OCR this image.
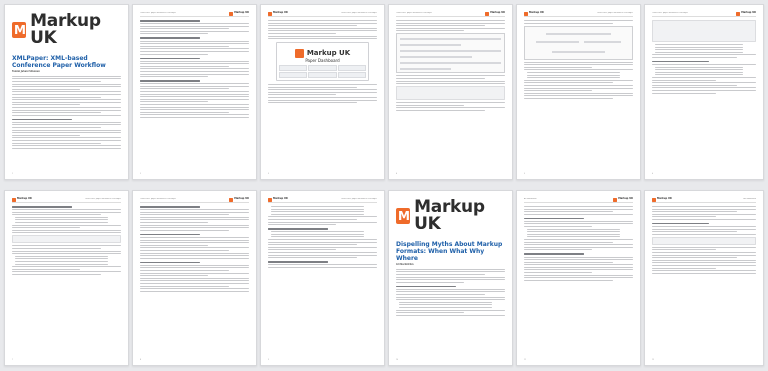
M
Markup UK
XMLPaper: XML-based Conference Paper Workflow
Tommi Juhani Silvonen
1
Conference paper workflow & XMLPaper	Markup UK
2
Markup UK	Conference paper workflow & XMLPaper
Markup UK
Paper Dashboard
3
Conference paper workflow & XMLPaper	Markup UK
4
Markup UK	Conference paper workflow & XMLPaper
5
Conference paper workflow & XMLPaper	Markup UK
6
Markup UK	Conference paper workflow & XMLPaper
7
Conference paper workflow & XMLPaper	Markup UK
8
Markup UK	Conference paper workflow & XMLPaper
9
M
Markup UK
Dispelling Myths About Markup Formats: When What Why Where
Ari Nordström
10
Ari Nordström	Markup UK
11
Markup UK	Ari Nordström
12
